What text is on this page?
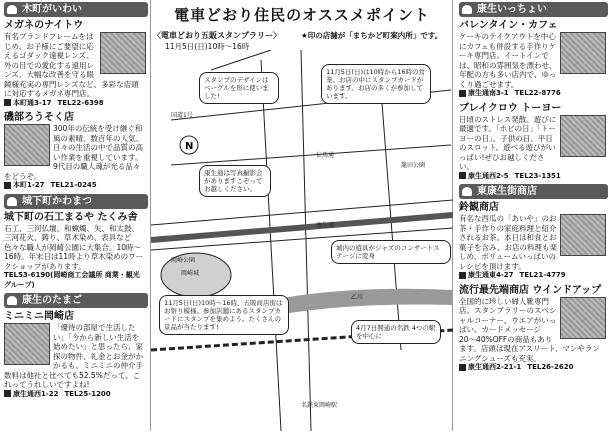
木町がいわい
メガネのナイトウ
有名ブランドフレームをはじめ、お子様にご要望に応えるゴダック遠視レンズ、外の目での愛化する遠用レンズ、大幅な改善を守る眼鏡様充実の専門レンズなど、多彩な店頭に対応するメガネ専門店。
本町通3-17 TEL22-6398
磯部ろうそく店
300年の伝統を受け継ぐ和風の素晴、数百年の人気、日々の生活の中で品質の高い作業を重視しています。9代目の職人魂が光る品々をどうぞ。
本町1-27 TEL21-0245
城下町かわまつ
城下町の石工まるや たくみ舎
石工、三河仏壇、和蝋燭、矢、和太鼓、三河花火、鋳り、草木染め、表具など色々な職人が岡崎公園に大集合。10時〜16時。年末日は11時より草木染めのワークショップがあります。
TEL53-6190(岡崎商工会議所 商業・観光グループ)
康生のたまご
ミニミニ岡崎店
「優待の部屋で生活したい」「今から新しい生活を始めたい」と思ったら、家探の物件、礼金とお金がかかるも、ミニミニの仲介手数料は他社と比べても52.5%だって。これってうれしいですよね!
康生通西1-22 TEL25-1200
電車どおり住民のオススメポイント
〈電車どおり五販スタンプラリー〉
11月5日(日)10時〜16時
★印の店舗が「まちかど町案内所」です。
N
スタンプのデザインはベーグルを形に使いました!
11月5日(日)は10時から16時の営業。お店の中にスタンプカードがあります。お店の多くが参加しています。
康生通は写真撮影会がありますこぞってお越しください。
城内の遊具がジャズのコンサートステージに変身
11月5日(日)10時〜16時、五販商店街はお祭り模様。参加店舗にあるスタンプカードにスタンプを集めよう。たくさんの景品が当たります!	4月7日開通の名鉄 4つの駅を中心に
康生通
伝馬通
国道1号
岡崎城
乙川
籠田公園
岡崎公園
名鉄東岡崎駅
康生いっちょい
バレンタイン・カフェ
ケーキのテイクアウトを中心にカフェも併設する手作りケーキ専門店。イートインでは、昭和の雰囲気を漂わせ、年配の方も多い店内で、ゆっくり過ごせます。
康生通南3-1 TEL22-8776
ブレイクロウ トーヨー
日頃のストレス発散、遊びに最適です。「ホビの日」「トーヨーの日」、子供の日、平日のスロット。遊べる遊びがいっぱい!ぜひお越しください。
康生通西2-5 TEL23-1351
東康生街商店
鈴観商店
有名な西瓜の「あいや」のお茶・手作りの家庭料理と紹介されるお茶。本日は和食とお菓子を含み、お店の料理も楽しめ、ボリュームいっぱいのレシピを頂けます。
康生通東4-27 TEL21-4779
流行最先端商店 ウインドアップ
全国的に珍しい婦人靴専門店。スタンプラリーのスペシャルコーナー、ウエアがいっぱい。カードメッセージ20〜40%OFFの商品もあります。店頭は現在アスリート、マンやランニングシューズも充実。
康生通西2-21-1 TEL26-2620
